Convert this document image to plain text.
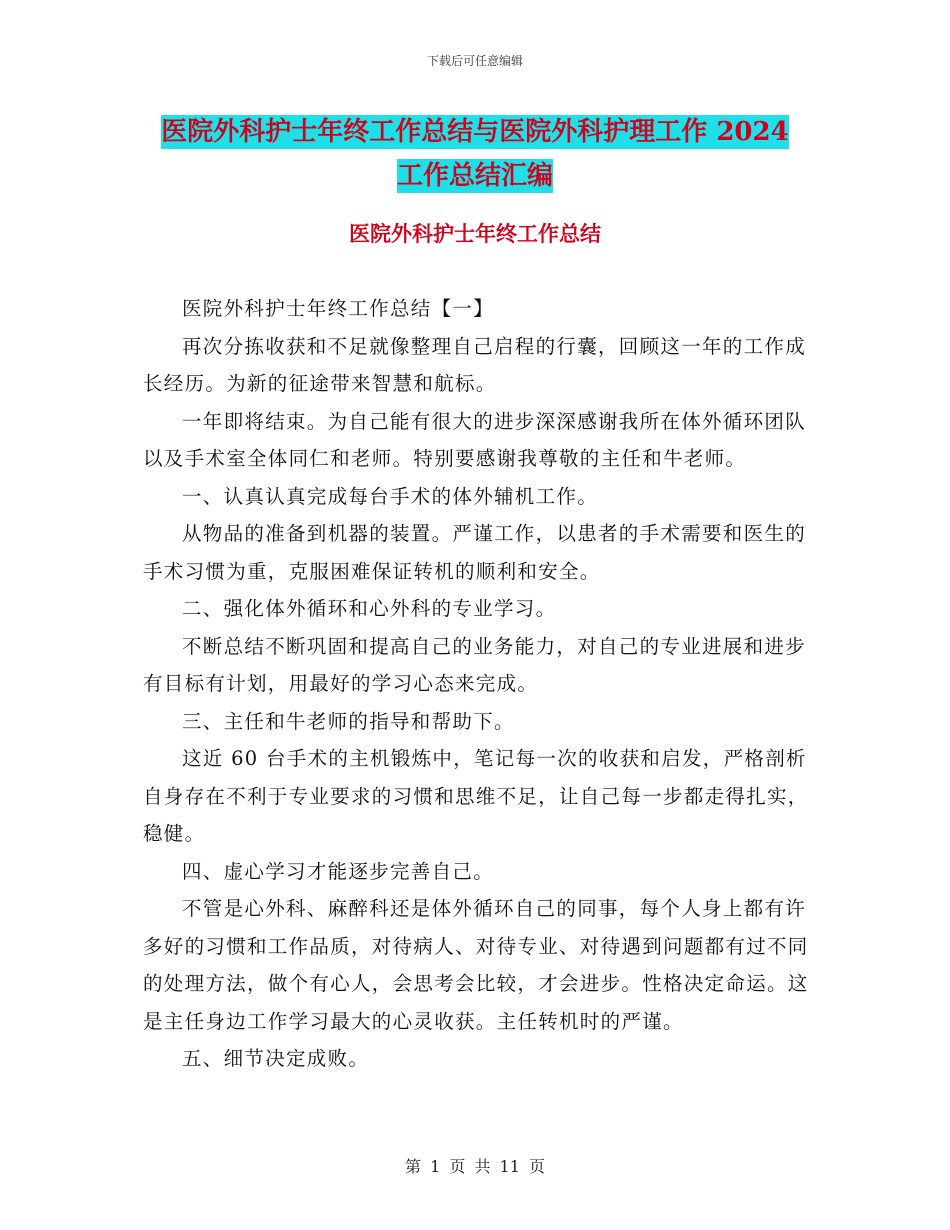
下载后可任意编辑
医院外科护士年终工作总结与医院外科护理工作 2024
工作总结汇编
医院外科护士年终工作总结

医院外科护士年终工作总结【一】

再次分拣收获和不足就像整理自己启程的行囊，回顾这一年的工作成长经历。为新的征途带来智慧和航标。

一年即将结束。为自己能有很大的进步深深感谢我所在体外循环团队以及手术室全体同仁和老师。特别要感谢我尊敬的主任和牛老师。

一、认真认真完成每台手术的体外辅机工作。

从物品的准备到机器的装置。严谨工作，以患者的手术需要和医生的手术习惯为重，克服困难保证转机的顺利和安全。

二、强化体外循环和心外科的专业学习。

不断总结不断巩固和提高自己的业务能力，对自己的专业进展和进步有目标有计划，用最好的学习心态来完成。

三、主任和牛老师的指导和帮助下。

这近 60 台手术的主机锻炼中，笔记每一次的收获和启发，严格剖析自身存在不利于专业要求的习惯和思维不足，让自己每一步都走得扎实，稳健。

四、虚心学习才能逐步完善自己。

不管是心外科、麻醉科还是体外循环自己的同事，每个人身上都有许多好的习惯和工作品质，对待病人、对待专业、对待遇到问题都有过不同的处理方法，做个有心人，会思考会比较，才会进步。性格决定命运。这是主任身边工作学习最大的心灵收获。主任转机时的严谨。

五、细节决定成败。

第 1 页 共 11 页
